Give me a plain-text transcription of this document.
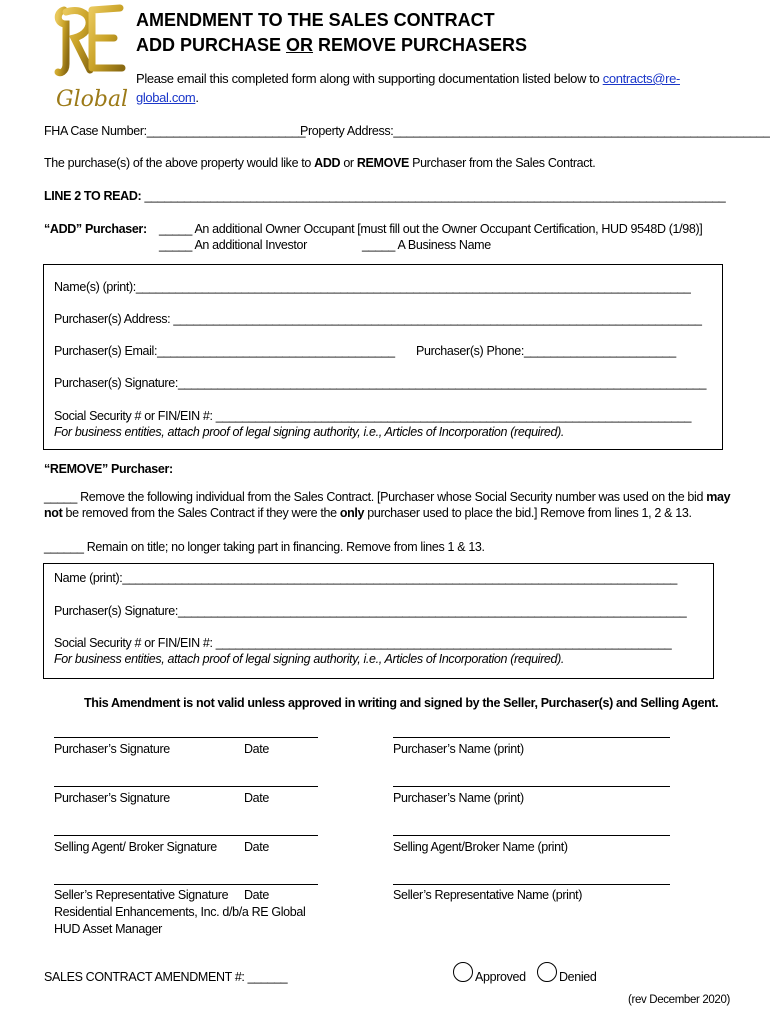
Global
AMENDMENT TO THE SALES CONTRACT
ADD PURCHASE OR REMOVE PURCHASERS
Please email this completed form along with supporting documentation listed below to contracts@re-
global.com.
FHA Case Number:________________________
Property Address:_________________________________________________________
The purchase(s) of the above property would like to ADD or REMOVE Purchaser from the Sales Contract.
LINE 2 TO READ: ________________________________________________________________________________________
“ADD” Purchaser: _____ An additional Owner Occupant [must fill out the Owner Occupant Certification, HUD 9548D (1/98)]
_____ An additional Investor	_____ A Business Name
Name(s) (print):____________________________________________________________________________________
Purchaser(s) Address: ________________________________________________________________________________
Purchaser(s) Email:____________________________________ Purchaser(s) Phone:_______________________
Purchaser(s) Signature:________________________________________________________________________________
Social Security # or FIN/EIN #: ________________________________________________________________________
For business entities, attach proof of legal signing authority, i.e., Articles of Incorporation (required).
“REMOVE” Purchaser:
_____ Remove the following individual from the Sales Contract. [Purchaser whose Social Security number was used on the bid may
not be removed from the Sales Contract if they were the only purchaser used to place the bid.] Remove from lines 1, 2 & 13.
______ Remain on title; no longer taking part in financing. Remove from lines 1 & 13.
Name (print):____________________________________________________________________________________
Purchaser(s) Signature:_____________________________________________________________________________
Social Security # or FIN/EIN #: _____________________________________________________________________
For business entities, attach proof of legal signing authority, i.e., Articles of Incorporation (required).
This Amendment is not valid unless approved in writing and signed by the Seller, Purchaser(s) and Selling Agent.
Purchaser’s Signature	Date	Purchaser’s Name (print)
Purchaser’s Signature	Date	Purchaser’s Name (print)
Selling Agent/ Broker Signature Date	Selling Agent/Broker Name (print)
Seller’s Representative Signature Date	Seller’s Representative Name (print)
Residential Enhancements, Inc. d/b/a RE Global
HUD Asset Manager
SALES CONTRACT AMENDMENT #: ______	Approved	Denied
(rev December 2020)
